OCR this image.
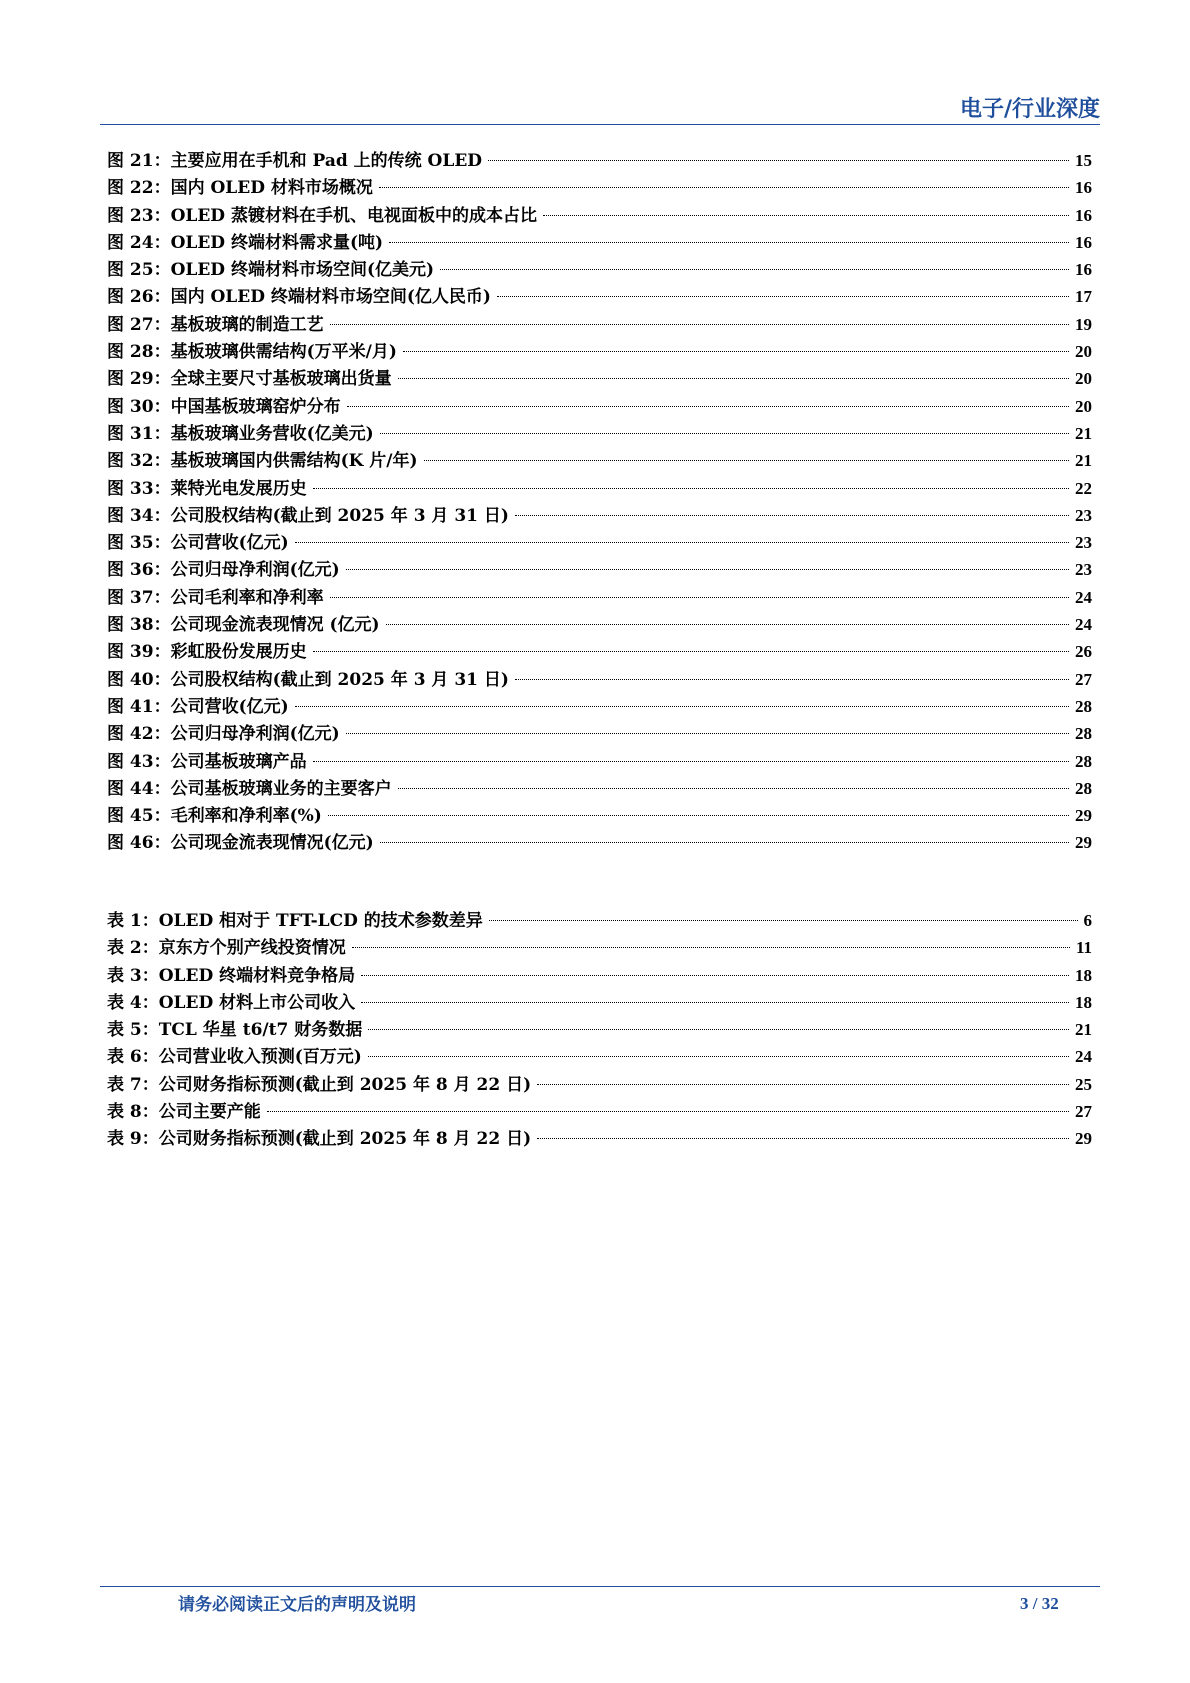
电子/行业深度
图 21：主要应用在手机和 Pad 上的传统 OLED	15
图 22：国内 OLED 材料市场概况	16
图 23：OLED 蒸镀材料在手机、电视面板中的成本占比	16
图 24：OLED 终端材料需求量(吨)	16
图 25：OLED 终端材料市场空间(亿美元)	16
图 26：国内 OLED 终端材料市场空间(亿人民币)	17
图 27：基板玻璃的制造工艺	19
图 28：基板玻璃供需结构(万平米/月)	20
图 29：全球主要尺寸基板玻璃出货量	20
图 30：中国基板玻璃窑炉分布	20
图 31：基板玻璃业务营收(亿美元)	21
图 32：基板玻璃国内供需结构(K 片/年)	21
图 33：莱特光电发展历史	22
图 34：公司股权结构(截止到 2025 年 3 月 31 日)	23
图 35：公司营收(亿元)	23
图 36：公司归母净利润(亿元)	23
图 37：公司毛利率和净利率	24
图 38：公司现金流表现情况 (亿元)	24
图 39：彩虹股份发展历史	26
图 40：公司股权结构(截止到 2025 年 3 月 31 日)	27
图 41：公司营收(亿元)	28
图 42：公司归母净利润(亿元)	28
图 43：公司基板玻璃产品	28
图 44：公司基板玻璃业务的主要客户	28
图 45：毛利率和净利率(%)	29
图 46：公司现金流表现情况(亿元)	29
表 1：OLED 相对于 TFT-LCD 的技术参数差异	6
表 2：京东方个别产线投资情况	11
表 3：OLED 终端材料竞争格局	18
表 4：OLED 材料上市公司收入	18
表 5：TCL 华星 t6/t7 财务数据	21
表 6：公司营业收入预测(百万元)	24
表 7：公司财务指标预测(截止到 2025 年 8 月 22 日)	25
表 8：公司主要产能	27
表 9：公司财务指标预测(截止到 2025 年 8 月 22 日)	29
请务必阅读正文后的声明及说明	3 / 32
